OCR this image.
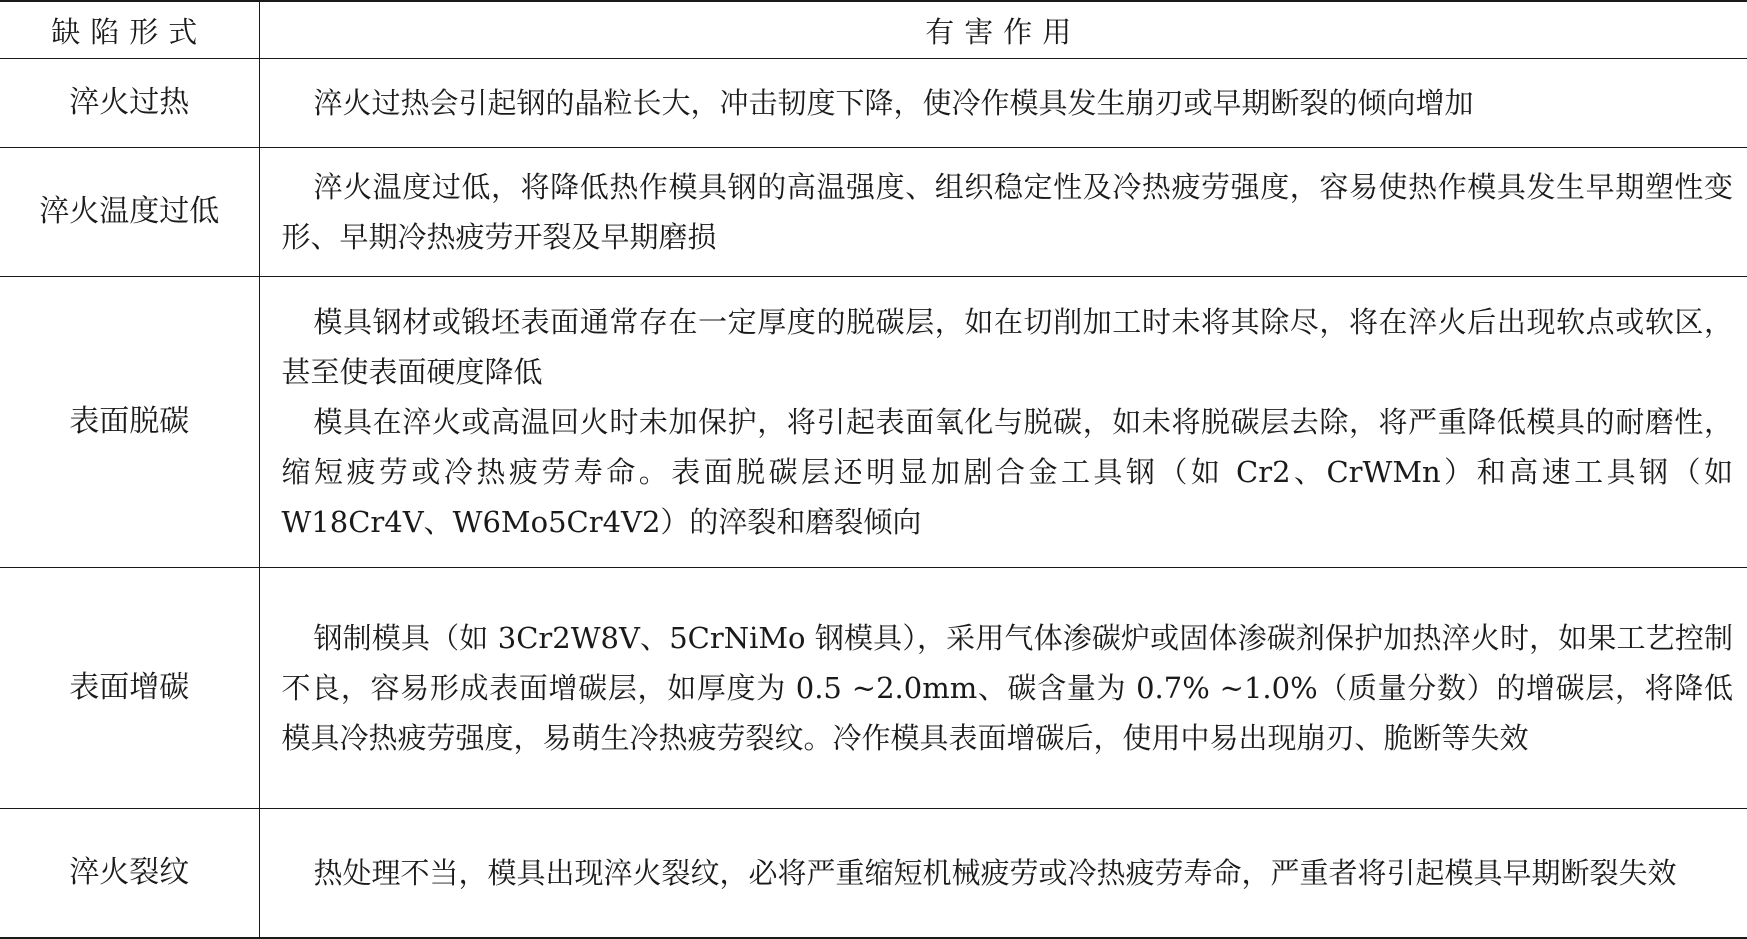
缺陷形式	有害作用
淬火过热	淬火过热会引起钢的晶粒长大，冲击韧度下降，使冷作模具发生崩刃或早期断裂的倾向增加

淬火温度过低	淬火温度过低，将降低热作模具钢的高温强度、组织稳定性及冷热疲劳强度，容易使热作模具发生早期塑性变形、早期冷热疲劳开裂及早期磨损

表面脱碳	模具钢材或锻坯表面通常存在一定厚度的脱碳层，如在切削加工时未将其除尽，将在淬火后出现软点或软区，甚至使表面硬度降低

模具在淬火或高温回火时未加保护，将引起表面氧化与脱碳，如未将脱碳层去除，将严重降低模具的耐磨性，缩短疲劳或冷热疲劳寿命。表面脱碳层还明显加剧合金工具钢（如 Cr2、CrWMn）和高速工具钢（如 W18Cr4V、W6Mo5Cr4V2）的淬裂和磨裂倾向

表面增碳	钢制模具（如 3Cr2W8V、5CrNiMo 钢模具），采用气体渗碳炉或固体渗碳剂保护加热淬火时，如果工艺控制不良，容易形成表面增碳层，如厚度为 0.5 ~2.0mm、碳含量为 0.7% ~1.0%（质量分数）的增碳层，将降低模具冷热疲劳强度，易萌生冷热疲劳裂纹。冷作模具表面增碳后，使用中易出现崩刃、脆断等失效

淬火裂纹	热处理不当，模具出现淬火裂纹，必将严重缩短机械疲劳或冷热疲劳寿命，严重者将引起模具早期断裂失效
